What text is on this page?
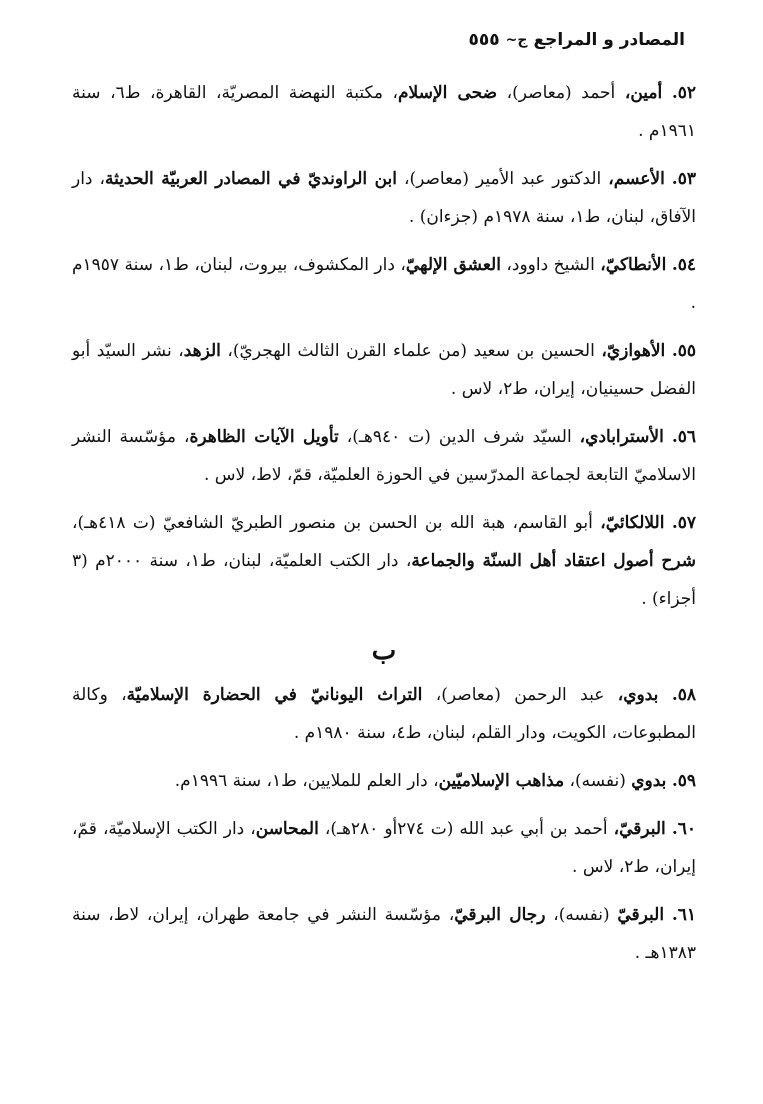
المصادر و المراجع
ج~
٥٥٥
٥٢. أمين، أحمد (معاصر)، ضحى الإسلام، مكتبة النهضة المصريّة، القاهرة، ط٦، سنة ١٩٦١م .
٥٣. الأعسم، الدكتور عبد الأمير (معاصر)، ابن الراونديّ في المصادر العربيّة الحديثة، دار الآفاق، لبنان، ط١، سنة ١٩٧٨م (جزءان) .
٥٤. الأنطاكيّ، الشيخ داوود، العشق الإلهيّ، دار المكشوف، بيروت، لبنان، ط١، سنة ١٩٥٧م .
٥٥. الأهوازيّ، الحسين بن سعيد (من علماء القرن الثالث الهجريّ)، الزهد، نشر السيّد أبو الفضل حسينيان، إيران، ط٢، لاس .
٥٦. الأسترابادي، السيّد شرف الدين (ت ٩٤٠هـ)، تأويل الآيات الظاهرة، مؤسّسة النشر الاسلاميّ التابعة لجماعة المدرّسين في الحوزة العلميّة، قمّ، لاط، لاس .
٥٧. اللالكائيّ، أبو القاسم، هبة الله بن الحسن بن منصور الطبريّ الشافعيّ (ت ٤١٨هـ)، شرح أصول اعتقاد أهل السنّة والجماعة، دار الكتب العلميّة، لبنان، ط١، سنة ٢٠٠٠م (٣ أجزاء) .
ب
٥٨. بدوي، عبد الرحمن (معاصر)، التراث اليونانيّ في الحضارة الإسلاميّة، وكالة المطبوعات، الكويت، ودار القلم، لبنان، ط٤، سنة ١٩٨٠م .
٥٩. بدوي (نفسه)، مذاهب الإسلاميّين، دار العلم للملايين، ط١، سنة ١٩٩٦م.
٦٠. البرقيّ، أحمد بن أبي عبد الله (ت ٢٧٤أو ٢٨٠هـ)، المحاسن، دار الكتب الإسلاميّة، قمّ، إيران، ط٢، لاس .
٦١. البرقيّ (نفسه)، رجال البرقيّ، مؤسّسة النشر في جامعة طهران، إيران، لاط، سنة ١٣٨٣هـ .
